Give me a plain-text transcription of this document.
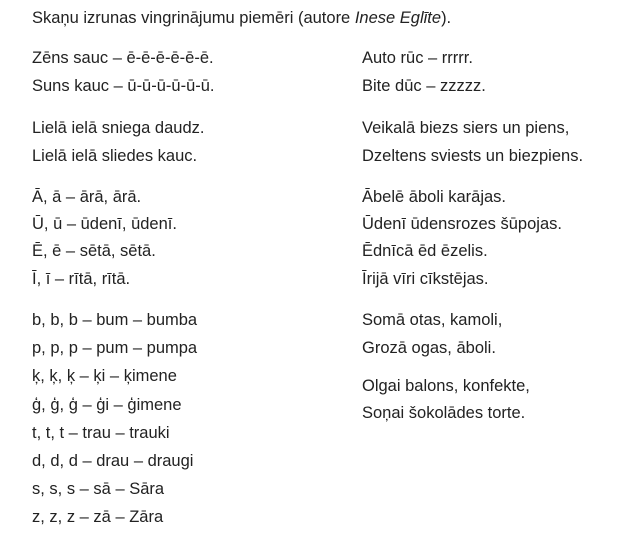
Skaņu izrunas vingrinājumu piemēri (autore Inese Eglīte).
Zēns sauc – ē-ē-ē-ē-ē-ē.
Suns kauc – ū-ū-ū-ū-ū-ū.
Lielā ielā sniega daudz.
Lielā ielā sliedes kauc.
Ā, ā – ārā, ārā.
Ū, ū – ūdenī, ūdenī.
Ē, ē – sētā, sētā.
Ī, ī – rītā, rītā.
b, b, b – bum – bumba
p, p, p – pum – pumpa
ķ, ķ, ķ – ķi – ķimene
ģ, ģ, ģ – ģi – ģimene
t, t, t – trau – trauki
d, d, d – drau – draugi
s, s, s – sā – Sāra
z, z, z – zā – Zāra
Auto rūc – rrrrr.
Bite dūc – zzzzz.
Veikalā biezs siers un piens,
Dzeltens sviests un biezpiens.
Ābelē āboli karājas.
Ūdenī ūdensrozes šūpojas.
Ēdnīcā ēd ēzelis.
Īrijā vīri cīkstējas.
Somā otas, kamoli,
Grozā ogas, āboli.
Olgai balons, konfekte,
Soņai šokolādes torte.
